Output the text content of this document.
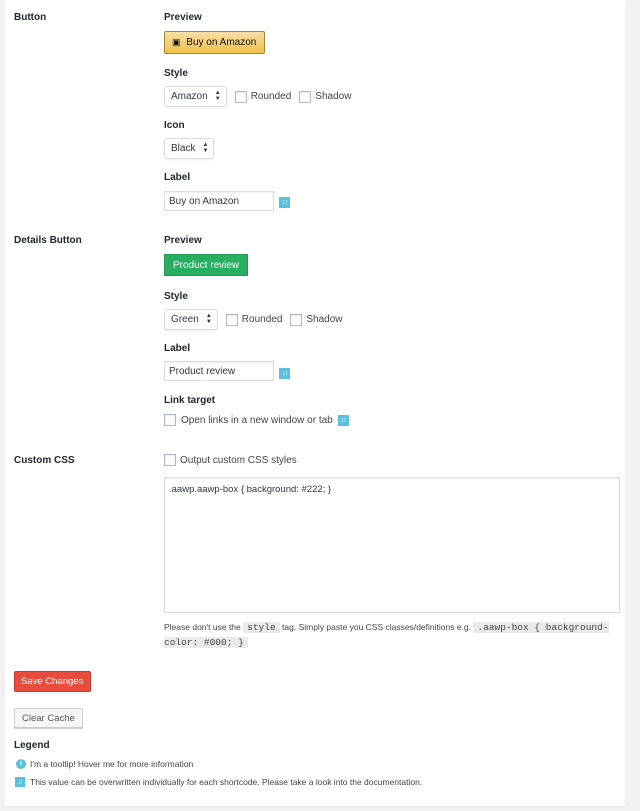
Button	Preview
▣ Buy on Amazon
Style
Amazon ▲
▼	Rounded Shadow
Icon
Black ▲
▼
Label
Buy on Amazon	↓↑
Details Button	Preview
Product review
Style
Green ▲
▼	Rounded Shadow
Label
Product review	↓↑
Link target
Open links in a new window or tab	↓↑
Custom CSS	Output custom CSS styles
.aawp.aawp-box { background: #222; }
Please don't use the style tag. Simply paste you CSS classes/definitions e.g. .aawp-box { background-color: #000; }
Save Changes
Clear Cache
Legend
i I'm a tooltip! Hover me for more information
↓↑ This value can be overwritten individually for each shortcode. Please take a look into the documentation.
